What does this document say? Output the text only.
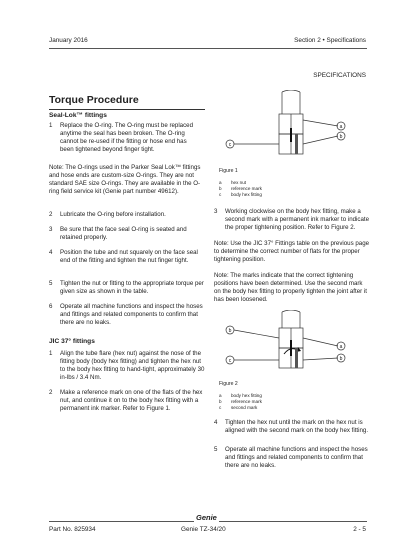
January 2016	Section 2 • Specifications
SPECIFICATIONS
Torque Procedure
Seal-Lok™ fittings
1 Replace the O-ring. The O-ring must be replaced anytime the seal has been broken. The O-ring cannot be re-used if the fitting or hose end has been tightened beyond finger tight.

Note: The O-rings used in the Parker Seal Lok™ fittings and hose ends are custom-size O-rings. They are not standard SAE size O-rings. They are available in the O-ring field service kit (Genie part number 49612).

2 Lubricate the O-ring before installation.

3 Be sure that the face seal O-ring is seated and retained properly.

4 Position the tube and nut squarely on the face seal end of the fitting and tighten the nut finger tight.

5 Tighten the nut or fitting to the appropriate torque per given size as shown in the table.

6 Operate all machine functions and inspect the hoses and fittings and related components to confirm that there are no leaks.

JIC 37° fittings
1 Align the tube flare (hex nut) against the nose of the fitting body (body hex fitting) and tighten the hex nut to the body hex fitting to hand-tight, approximately 30 in-lbs / 3.4 Nm.

2 Make a reference mark on one of the flats of the hex nut, and continue it on to the body hex fitting with a permanent ink marker. Refer to Figure 1.

a
b
c
Figure 1
a hex nut
b reference mark
c body hex fitting
3 Working clockwise on the body hex fitting, make a second mark with a permanent ink marker to indicate the proper tightening position. Refer to Figure 2.

Note: Use the JIC 37° Fittings table on the previous page to determine the correct number of flats for the proper tightening position.

Note: The marks indicate that the correct tightening positions have been determined. Use the second mark on the body hex fitting to properly tighten the joint after it has been loosened.

b
a
b
c
Figure 2
a body hex fitting
b reference mark
c second mark
4 Tighten the hex nut until the mark on the hex nut is aligned with the second mark on the body hex fitting.

5 Operate all machine functions and inspect the hoses and fittings and related components to confirm that there are no leaks.

Genie
Part No. 825934	Genie TZ-34/20	2 - 5
